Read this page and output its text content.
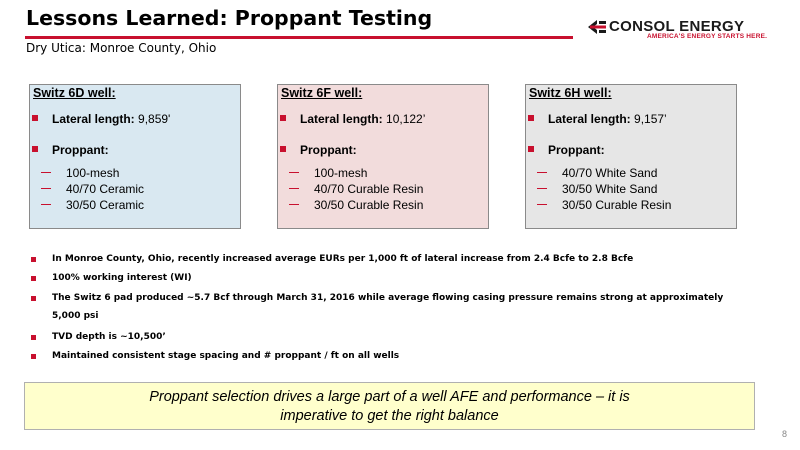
Lessons Learned: Proppant Testing
Dry Utica: Monroe County, Ohio
CONSOL ENERGY
AMERICA'S ENERGY STARTS HERE.
Switz 6D well:
Lateral length: 9,859'
Proppant:
100-mesh
40/70 Ceramic
30/50 Ceramic
Switz 6F well:
Lateral length: 10,122’
Proppant:
100-mesh
40/70 Curable Resin
30/50 Curable Resin
Switz 6H well:
Lateral length: 9,157’
Proppant:
40/70 White Sand
30/50 White Sand
30/50 Curable Resin
In Monroe County, Ohio, recently increased average EURs per 1,000 ft of lateral increase from 2.4 Bcfe to 2.8 Bcfe
100% working interest (WI)
The Switz 6 pad produced ~5.7 Bcf through March 31, 2016 while average flowing casing pressure remains strong at approximately
5,000 psi
TVD depth is ~10,500’
Maintained consistent stage spacing and # proppant / ft on all wells
Proppant selection drives a large part of a well AFE and performance – it is
imperative to get the right balance
8
